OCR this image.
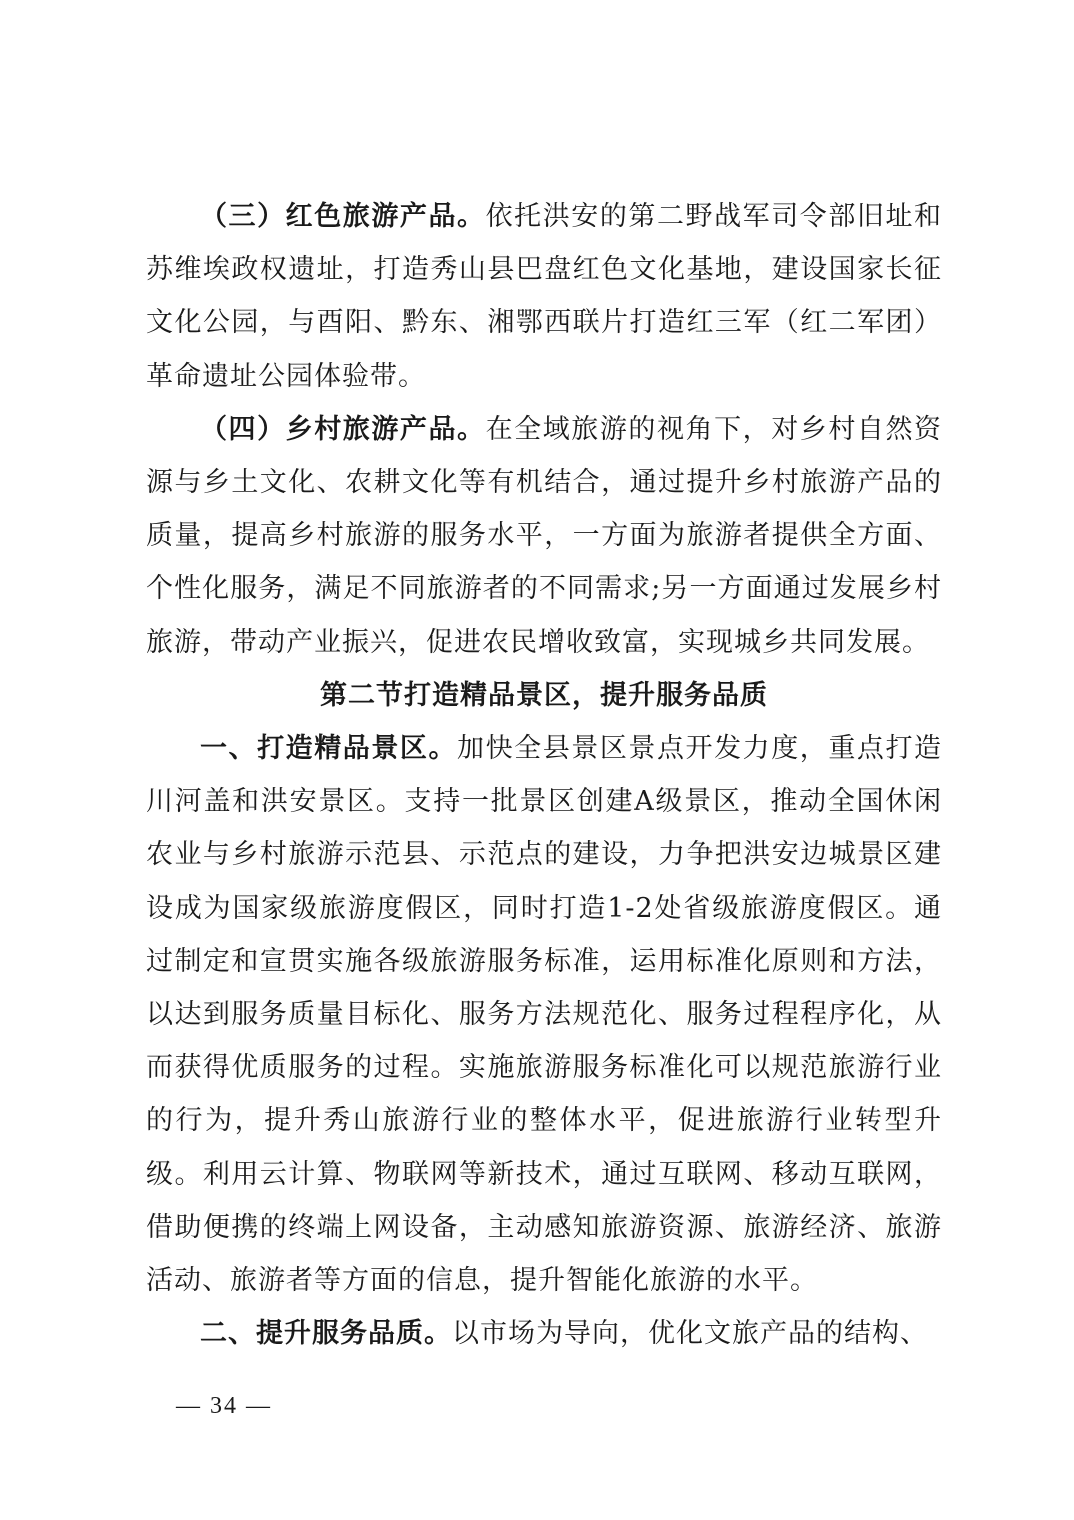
（三）红色旅游产品。依托洪安的第二野战军司令部旧址和苏维埃政权遗址，打造秀山县巴盘红色文化基地，建设国家长征文化公园，与酉阳、黔东、湘鄂西联片打造红三军（红二军团）革命遗址公园体验带。

（四）乡村旅游产品。在全域旅游的视角下，对乡村自然资源与乡土文化、农耕文化等有机结合，通过提升乡村旅游产品的质量，提高乡村旅游的服务水平，一方面为旅游者提供全方面、个性化服务，满足不同旅游者的不同需求;另一方面通过发展乡村旅游，带动产业振兴，促进农民增收致富，实现城乡共同发展。

第二节打造精品景区，提升服务品质

一、打造精品景区。加快全县景区景点开发力度，重点打造川河盖和洪安景区。支持一批景区创建A级景区，推动全国休闲农业与乡村旅游示范县、示范点的建设，力争把洪安边城景区建设成为国家级旅游度假区，同时打造1-2处省级旅游度假区。通过制定和宣贯实施各级旅游服务标准，运用标准化原则和方法，以达到服务质量目标化、服务方法规范化、服务过程程序化，从而获得优质服务的过程。实施旅游服务标准化可以规范旅游行业的行为，提升秀山旅游行业的整体水平，促进旅游行业转型升级。利用云计算、物联网等新技术，通过互联网、移动互联网，借助便携的终端上网设备，主动感知旅游资源、旅游经济、旅游活动、旅游者等方面的信息，提升智能化旅游的水平。

二、提升服务品质。以市场为导向，优化文旅产品的结构、

— 34 —
